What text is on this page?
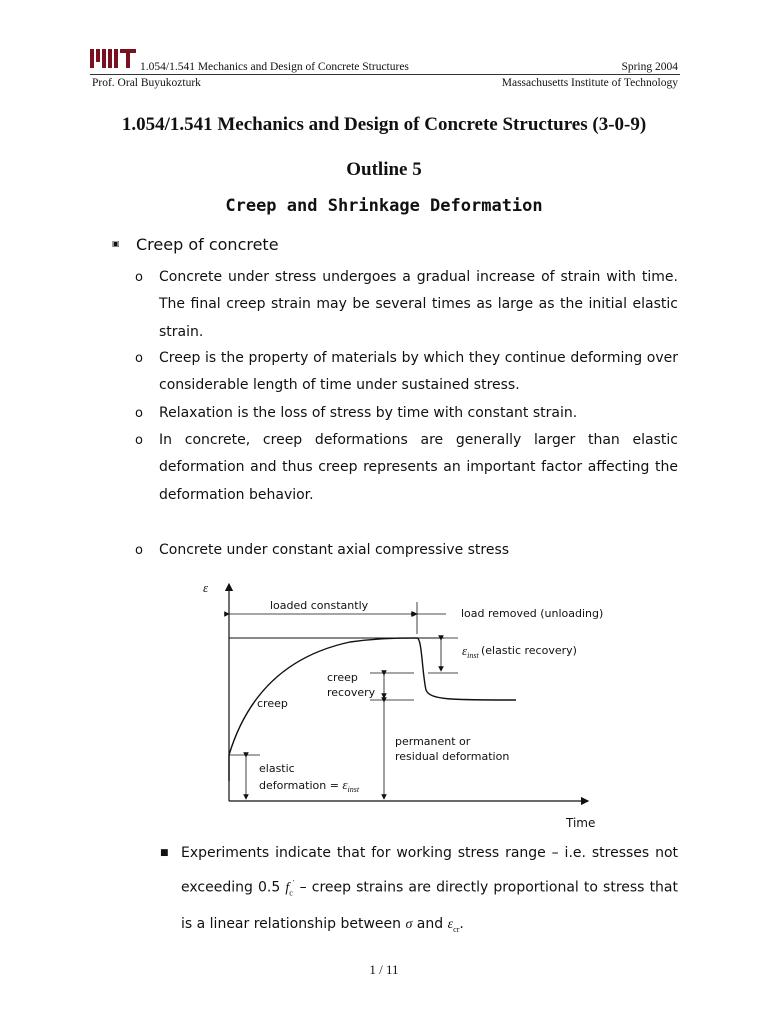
1.054/1.541 Mechanics and Design of Concrete Structures	Spring 2004
Prof. Oral Buyukozturk	Massachusetts Institute of Technology
1.054/1.541 Mechanics and Design of Concrete Structures (3-0-9)
Outline 5
Creep and Shrinkage Deformation
▣ Creep of concrete
o Concrete under stress undergoes a gradual increase of strain with time. The final creep strain may be several times as large as the initial elastic strain.
o Creep is the property of materials by which they continue deforming over considerable length of time under sustained stress.
o Relaxation is the loss of stress by time with constant strain.
o In concrete, creep deformations are generally larger than elastic deformation and thus creep represents an important factor affecting the deformation behavior.
o Concrete under constant axial compressive stress
ε
Time
loaded constantly
load removed (unloading)
$\varepsilon_{inst}$ (elastic recovery)
creep
recovery
creep
permanent or
residual deformation
elastic
deformation = $\varepsilon_{inst}$
■ Experiments indicate that for working stress range – i.e. stresses not exceeding 0.5 $f_c'$ – creep strains are directly proportional to stress that is a linear relationship between σ and $\varepsilon_{cr}$.
1 / 11
